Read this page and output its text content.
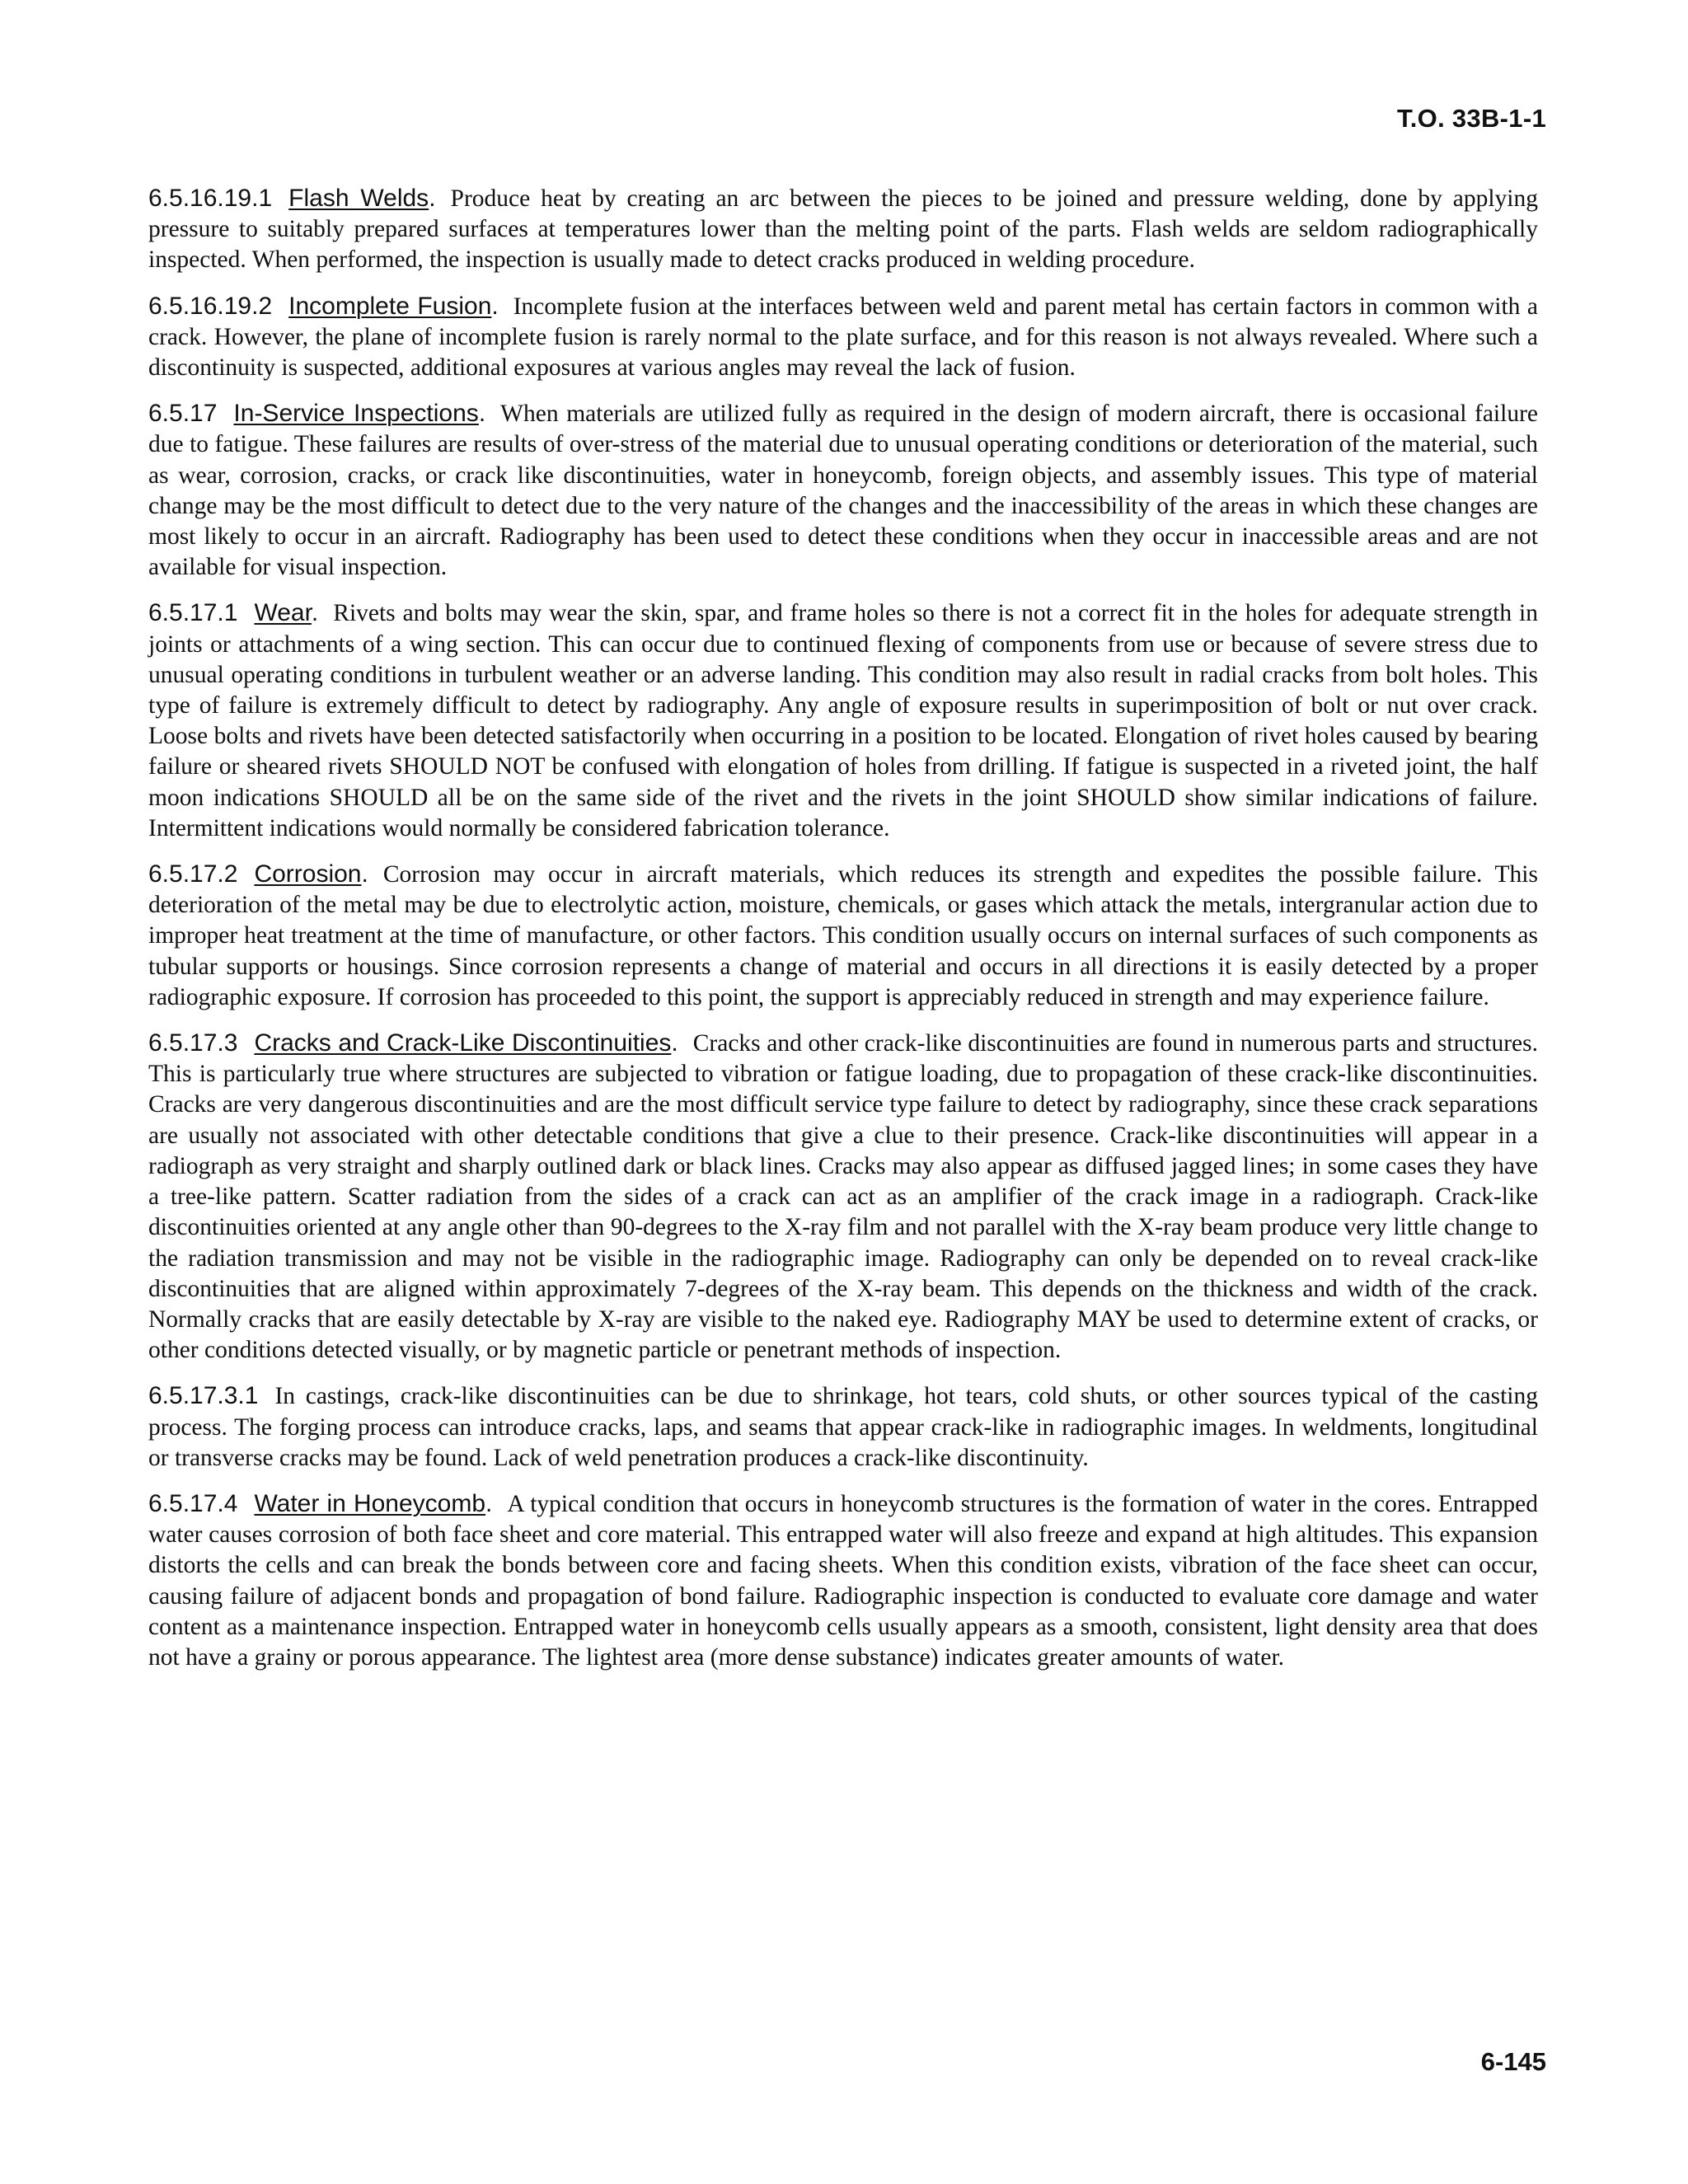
T.O. 33B-1-1

6.5.16.19.1 Flash Welds. Produce heat by creating an arc between the pieces to be joined and pressure welding, done by applying pressure to suitably prepared surfaces at temperatures lower than the melting point of the parts. Flash welds are seldom radiographically inspected. When performed, the inspection is usually made to detect cracks produced in welding procedure.

6.5.16.19.2 Incomplete Fusion. Incomplete fusion at the interfaces between weld and parent metal has certain factors in common with a crack. However, the plane of incomplete fusion is rarely normal to the plate surface, and for this reason is not always revealed. Where such a discontinuity is suspected, additional exposures at various angles may reveal the lack of fusion.

6.5.17 In-Service Inspections. When materials are utilized fully as required in the design of modern aircraft, there is occasional failure due to fatigue. These failures are results of over-stress of the material due to unusual operating conditions or deterioration of the material, such as wear, corrosion, cracks, or crack like discontinuities, water in honeycomb, foreign objects, and assembly issues. This type of material change may be the most difficult to detect due to the very nature of the changes and the inaccessibility of the areas in which these changes are most likely to occur in an aircraft. Radiography has been used to detect these conditions when they occur in inaccessible areas and are not available for visual inspection.

6.5.17.1 Wear. Rivets and bolts may wear the skin, spar, and frame holes so there is not a correct fit in the holes for adequate strength in joints or attachments of a wing section. This can occur due to continued flexing of components from use or because of severe stress due to unusual operating conditions in turbulent weather or an adverse landing. This condition may also result in radial cracks from bolt holes. This type of failure is extremely difficult to detect by radiography. Any angle of exposure results in superimposition of bolt or nut over crack. Loose bolts and rivets have been detected satisfactorily when occurring in a position to be located. Elongation of rivet holes caused by bearing failure or sheared rivets SHOULD NOT be confused with elongation of holes from drilling. If fatigue is suspected in a riveted joint, the half moon indications SHOULD all be on the same side of the rivet and the rivets in the joint SHOULD show similar indications of failure. Intermittent indications would normally be considered fabrication tolerance.

6.5.17.2 Corrosion. Corrosion may occur in aircraft materials, which reduces its strength and expedites the possible failure. This deterioration of the metal may be due to electrolytic action, moisture, chemicals, or gases which attack the metals, intergranular action due to improper heat treatment at the time of manufacture, or other factors. This condition usually occurs on internal surfaces of such components as tubular supports or housings. Since corrosion represents a change of material and occurs in all directions it is easily detected by a proper radiographic exposure. If corrosion has proceeded to this point, the support is appreciably reduced in strength and may experience failure.

6.5.17.3 Cracks and Crack-Like Discontinuities. Cracks and other crack-like discontinuities are found in numerous parts and structures. This is particularly true where structures are subjected to vibration or fatigue loading, due to propagation of these crack-like discontinuities. Cracks are very dangerous discontinuities and are the most difficult service type failure to detect by radiography, since these crack separations are usually not associated with other detectable conditions that give a clue to their presence. Crack-like discontinuities will appear in a radiograph as very straight and sharply outlined dark or black lines. Cracks may also appear as diffused jagged lines; in some cases they have a tree-like pattern. Scatter radiation from the sides of a crack can act as an amplifier of the crack image in a radiograph. Crack-like discontinuities oriented at any angle other than 90-degrees to the X-ray film and not parallel with the X-ray beam produce very little change to the radiation transmission and may not be visible in the radiographic image. Radiography can only be depended on to reveal crack-like discontinuities that are aligned within approximately 7-degrees of the X-ray beam. This depends on the thickness and width of the crack. Normally cracks that are easily detectable by X-ray are visible to the naked eye. Radiography MAY be used to determine extent of cracks, or other conditions detected visually, or by magnetic particle or penetrant methods of inspection.

6.5.17.3.1 In castings, crack-like discontinuities can be due to shrinkage, hot tears, cold shuts, or other sources typical of the casting process. The forging process can introduce cracks, laps, and seams that appear crack-like in radiographic images. In weldments, longitudinal or transverse cracks may be found. Lack of weld penetration produces a crack-like discontinuity.

6.5.17.4 Water in Honeycomb. A typical condition that occurs in honeycomb structures is the formation of water in the cores. Entrapped water causes corrosion of both face sheet and core material. This entrapped water will also freeze and expand at high altitudes. This expansion distorts the cells and can break the bonds between core and facing sheets. When this condition exists, vibration of the face sheet can occur, causing failure of adjacent bonds and propagation of bond failure. Radiographic inspection is conducted to evaluate core damage and water content as a maintenance inspection. Entrapped water in honeycomb cells usually appears as a smooth, consistent, light density area that does not have a grainy or porous appearance. The lightest area (more dense substance) indicates greater amounts of water.

6-145
